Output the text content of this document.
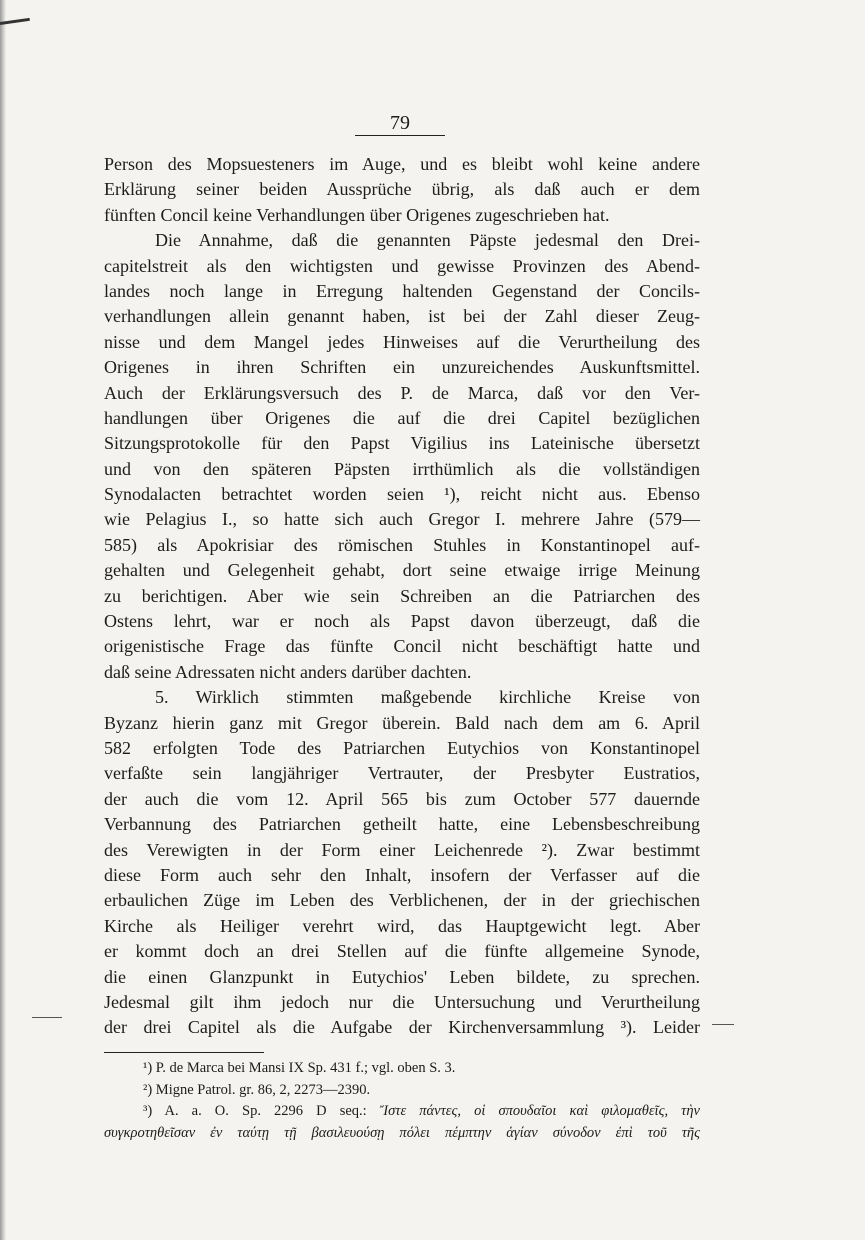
79
Person des Mopsuesteners im Auge, und es bleibt wohl keine andere
Erklärung seiner beiden Aussprüche übrig, als daß auch er dem
fünften Concil keine Verhandlungen über Origenes zugeschrieben hat.
Die Annahme, daß die genannten Päpste jedesmal den Drei-
capitelstreit als den wichtigsten und gewisse Provinzen des Abend-
landes noch lange in Erregung haltenden Gegenstand der Concils-
verhandlungen allein genannt haben, ist bei der Zahl dieser Zeug-
nisse und dem Mangel jedes Hinweises auf die Verurtheilung des
Origenes in ihren Schriften ein unzureichendes Auskunftsmittel.
Auch der Erklärungsversuch des P. de Marca, daß vor den Ver-
handlungen über Origenes die auf die drei Capitel bezüglichen
Sitzungsprotokolle für den Papst Vigilius ins Lateinische übersetzt
und von den späteren Päpsten irrthümlich als die vollständigen
Synodalacten betrachtet worden seien ¹), reicht nicht aus. Ebenso
wie Pelagius I., so hatte sich auch Gregor I. mehrere Jahre (579—
585) als Apokrisiar des römischen Stuhles in Konstantinopel auf-
gehalten und Gelegenheit gehabt, dort seine etwaige irrige Meinung
zu berichtigen. Aber wie sein Schreiben an die Patriarchen des
Ostens lehrt, war er noch als Papst davon überzeugt, daß die
origenistische Frage das fünfte Concil nicht beschäftigt hatte und
daß seine Adressaten nicht anders darüber dachten.
5. Wirklich stimmten maßgebende kirchliche Kreise von
Byzanz hierin ganz mit Gregor überein. Bald nach dem am 6. April
582 erfolgten Tode des Patriarchen Eutychios von Konstantinopel
verfaßte sein langjähriger Vertrauter, der Presbyter Eustratios,
der auch die vom 12. April 565 bis zum October 577 dauernde
Verbannung des Patriarchen getheilt hatte, eine Lebensbeschreibung
des Verewigten in der Form einer Leichenrede ²). Zwar bestimmt
diese Form auch sehr den Inhalt, insofern der Verfasser auf die
erbaulichen Züge im Leben des Verblichenen, der in der griechischen
Kirche als Heiliger verehrt wird, das Hauptgewicht legt. Aber
er kommt doch an drei Stellen auf die fünfte allgemeine Synode,
die einen Glanzpunkt in Eutychios' Leben bildete, zu sprechen.
Jedesmal gilt ihm jedoch nur die Untersuchung und Verurtheilung
der drei Capitel als die Aufgabe der Kirchenversammlung ³). Leider
¹) P. de Marca bei Mansi IX Sp. 431 f.; vgl. oben S. 3.
²) Migne Patrol. gr. 86, 2, 2273—2390.
³) A. a. O. Sp. 2296 D seq.: Ἴστε πάντες, οἱ σπουδαῖοι καὶ φιλομαθεῖς, τὴν
συγκροτηθεῖσαν ἐν ταύτῃ τῇ βασιλευούσῃ πόλει πέμπτην ἁγίαν σύνοδον ἐπὶ τοῦ τῆς
